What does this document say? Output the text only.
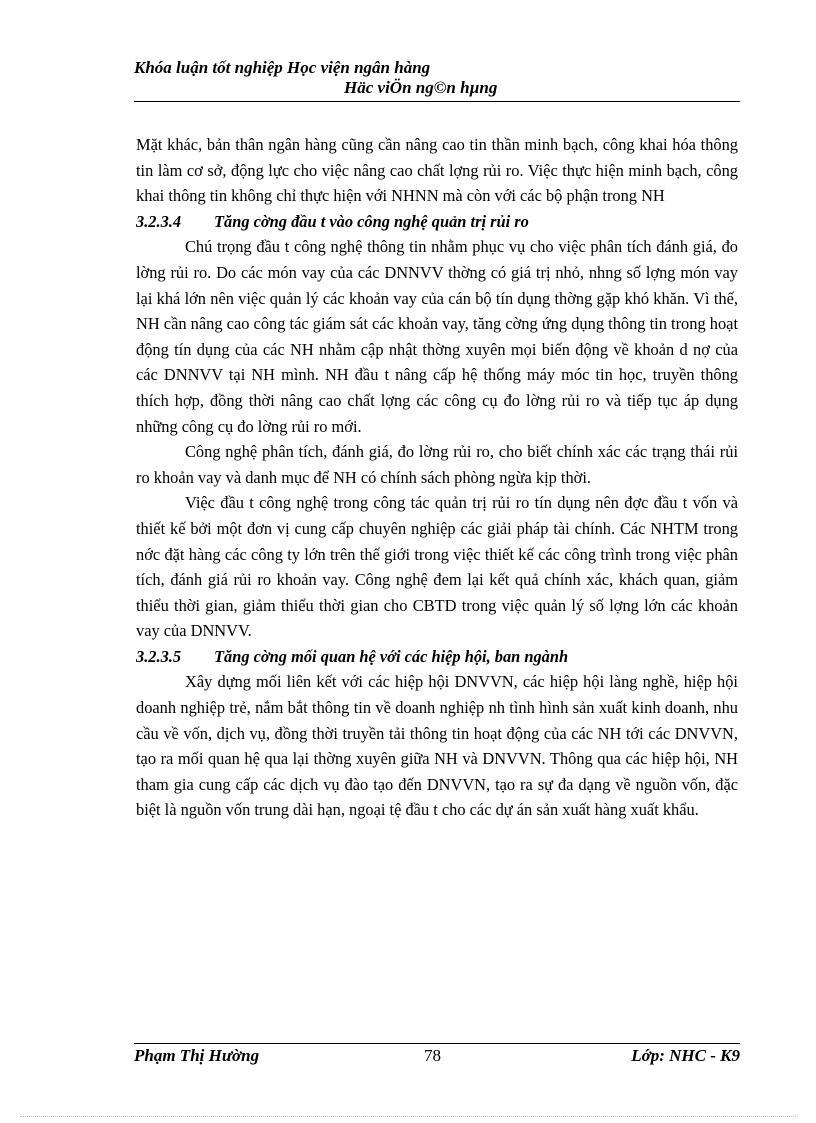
Khóa luận tốt nghiệp Học viện ngân hàng
Häc viÖn ng©n hµng

Mặt khác, bản thân ngân hàng cũng cần nâng cao tin thần minh bạch, công khai hóa thông tin làm cơ sở, động lực cho việc nâng cao chất lợng rủi ro. Việc thực hiện minh bạch, công khai thông tin không chỉ thực hiện với NHNN mà còn với các bộ phận trong NH

3.2.3.4 Tăng cờng đầu t vào công nghệ quản trị rủi ro

Chú trọng đầu t công nghệ thông tin nhằm phục vụ cho việc phân tích đánh giá, đo lờng rủi ro. Do các món vay của các DNNVV thờng có giá trị nhỏ, nhng số lợng món vay lại khá lớn nên việc quản lý các khoản vay của cán bộ tín dụng thờng gặp khó khăn. Vì thế, NH cần nâng cao công tác giám sát các khoản vay, tăng cờng ứng dụng thông tin trong hoạt động tín dụng của các NH nhằm cập nhật thờng xuyên mọi biến động về khoản d nợ của các DNNVV tại NH mình. NH đầu t nâng cấp hệ thống máy móc tin học, truyền thông thích hợp, đồng thời nâng cao chất lợng các công cụ đo lờng rủi ro và tiếp tục áp dụng những công cụ đo lờng rủi ro mới.

Công nghệ phân tích, đánh giá, đo lờng rủi ro, cho biết chính xác các trạng thái rủi ro khoản vay và danh mục để NH có chính sách phòng ngừa kịp thời.

Việc đầu t công nghệ trong công tác quản trị rủi ro tín dụng nên đợc đầu t vốn và thiết kế bởi một đơn vị cung cấp chuyên nghiệp các giải pháp tài chính. Các NHTM trong nớc đặt hàng các công ty lớn trên thế giới trong việc thiết kế các công trình trong việc phân tích, đánh giá rủi ro khoản vay. Công nghệ đem lại kết quả chính xác, khách quan, giảm thiểu thời gian, giảm thiểu thời gian cho CBTD trong việc quản lý số lợng lớn các khoản vay của DNNVV.

3.2.3.5 Tăng cờng mối quan hệ với các hiệp hội, ban ngành

Xây dựng mối liên kết với các hiệp hội DNVVN, các hiệp hội làng nghề, hiệp hội doanh nghiệp trẻ, nắm bắt thông tin về doanh nghiệp nh tình hình sản xuất kinh doanh, nhu cầu về vốn, dịch vụ, đồng thời truyền tải thông tin hoạt động của các NH tới các DNVVN, tạo ra mối quan hệ qua lại thờng xuyên giữa NH và DNVVN. Thông qua các hiệp hội, NH tham gia cung cấp các dịch vụ đào tạo đến DNVVN, tạo ra sự đa dạng về nguồn vốn, đặc biệt là nguồn vốn trung dài hạn, ngoại tệ đầu t cho các dự án sản xuất hàng xuất khẩu.

Phạm Thị Hường	78	Lớp: NHC - K9
